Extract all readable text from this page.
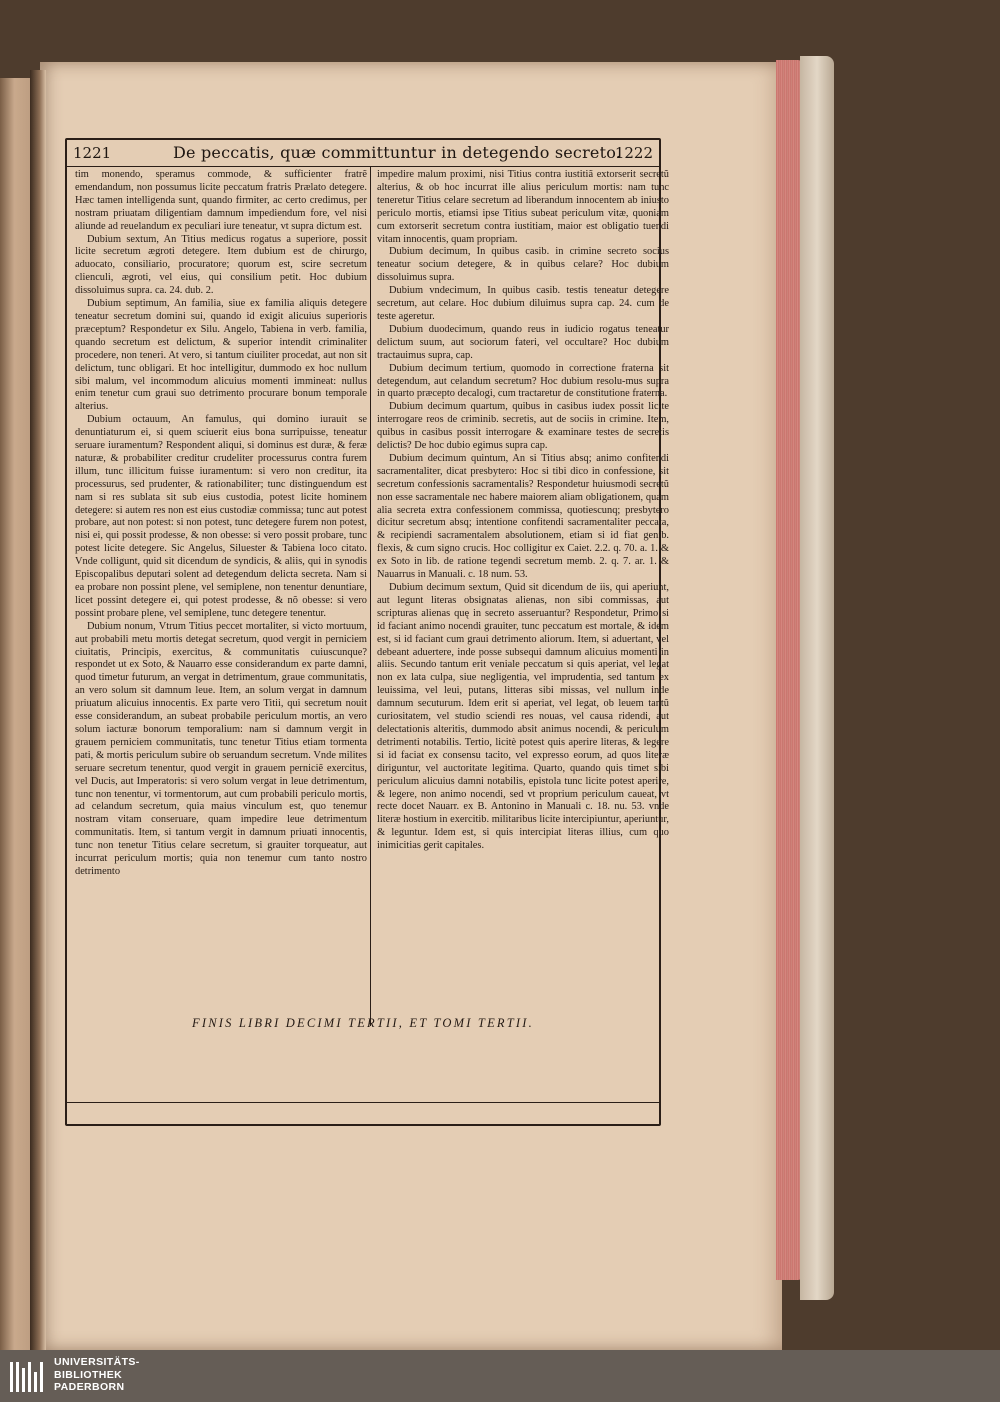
1221	De peccatis, quæ committuntur in detegendo secreto.
1222

tim monendo, speramus commode, & sufficienter fratrẽ emendandum, non possumus licite peccatum fratris Prælato detegere. Hæc tamen intelligenda sunt, quando firmiter, ac certo credimus, per nostram priuatam diligentiam damnum impediendum fore, vel nisi aliunde ad reuelandum ex peculiari iure teneatur, vt supra dictum est.

Dubium sextum, An Titius medicus rogatus a superiore, possit licite secretum ægroti detegere. Item dubium est de chirurgo, aduocato, consiliario, procuratore; quorum est, scire secretum clienculi, ægroti, vel eius, qui consilium petit. Hoc dubium dissoluimus supra. ca. 24. dub. 2.

Dubium septimum, An familia, siue ex familia aliquis detegere teneatur secretum domini sui, quando id exigit alicuius superioris præceptum? Respondetur ex Silu. Angelo, Tabiena in verb. familia, quando secretum est delictum, & superior intendit criminaliter procedere, non teneri. At vero, si tantum ciuiliter procedat, aut non sit delictum, tunc obligari. Et hoc intelligitur, dummodo ex hoc nullum sibi malum, vel incommodum alicuius momenti immineat: nullus enim tenetur cum graui suo detrimento procurare bonum temporale alterius.

Dubium octauum, An famulus, qui domino iurauit se denuntiaturum ei, si quem sciuerit eius bona surripuisse, teneatur seruare iuramentum? Respondent aliqui, si dominus est duræ, & feræ naturæ, & probabiliter creditur crudeliter processurus contra furem illum, tunc illicitum fuisse iuramentum: si vero non creditur, ita processurus, sed prudenter, & rationabiliter; tunc distinguendum est nam si res sublata sit sub eius custodia, potest licite hominem detegere: si autem res non est eius custodiæ commissa; tunc aut potest probare, aut non potest: si non potest, tunc detegere furem non potest, nisi ei, qui possit prodesse, & non obesse: si vero possit probare, tunc potest licite detegere. Sic Angelus, Siluester & Tabiena loco citato. Vnde colligunt, quid sit dicendum de syndicis, & aliis, qui in synodis Episcopalibus deputari solent ad detegendum delicta secreta. Nam si ea probare non possint plene, vel semiplene, non tenentur denuntiare, licet possint detegere ei, qui potest prodesse, & nõ obesse: si vero possint probare plene, vel semiplene, tunc detegere tenentur.

Dubium nonum, Vtrum Titius peccet mortaliter, si victo mortuum, aut probabili metu mortis detegat secretum, quod vergit in perniciem ciuitatis, Principis, exercitus, & communitatis cuiuscunque? respondet ut ex Soto, & Nauarro esse considerandum ex parte damni, quod timetur futurum, an vergat in detrimentum, graue communitatis, an vero solum sit damnum leue. Item, an solum vergat in damnum priuatum alicuius innocentis. Ex parte vero Titii, qui secretum nouit esse considerandum, an subeat probabile periculum mortis, an vero solum iacturæ bonorum temporalium: nam si damnum vergit in grauem perniciem communitatis, tunc tenetur Titius etiam tormenta pati, & mortis periculum subire ob seruandum secretum. Vnde milites seruare secretum tenentur, quod vergit in grauem perniciẽ exercitus, vel Ducis, aut Imperatoris: si vero solum vergat in leue detrimentum, tunc non tenentur, vi tormentorum, aut cum probabili periculo mortis, ad celandum secretum, quia maius vinculum est, quo tenemur nostram vitam conseruare, quam impedire leue detrimentum communitatis. Item, si tantum vergit in damnum priuati innocentis, tunc non tenetur Titius celare secretum, si grauiter torqueatur, aut incurrat periculum mortis; quia non tenemur cum tanto nostro detrimento

impedire malum proximi, nisi Titius contra iustitiã extorserit secretũ alterius, & ob hoc incurrat ille alius periculum mortis: nam tunc teneretur Titius celare secretum ad liberandum innocentem ab iniusto periculo mortis, etiamsi ipse Titius subeat periculum vitæ, quoniam cum extorserit secretum contra iustitiam, maior est obligatio tuendi vitam innocentis, quam propriam.

Dubium decimum, In quibus casib. in crimine secreto socius teneatur socium detegere, & in quibus celare? Hoc dubium dissoluimus supra.

Dubium vndecimum, In quibus casib. testis teneatur detegere secretum, aut celare. Hoc dubium diluimus supra cap. 24. cum de teste ageretur.

Dubium duodecimum, quando reus in iudicio rogatus teneatur delictum suum, aut sociorum fateri, vel occultare? Hoc dubium tractauimus supra, cap.

Dubium decimum tertium, quomodo in correctione fraterna sit detegendum, aut celandum secretum? Hoc dubium resolu-mus supra in quarto præcepto decalogi, cum tractaretur de constitutione fraterna.

Dubium decimum quartum, quibus in casibus iudex possit licite interrogare reos de criminib. secretis, aut de sociis in crimine. Item, quibus in casibus possit interrogare & examinare testes de secretis delictis? De hoc dubio egimus supra cap.

Dubium decimum quintum, An si Titius absq; animo confitendi sacramentaliter, dicat presbytero: Hoc si tibi dico in confessione, sit secretum confessionis sacramentalis? Respondetur huiusmodi secretũ non esse sacramentale nec habere maiorem aliam obligationem, quam alia secreta extra confessionem commissa, quotiescunq; presbytero dicitur secretum absq; intentione confitendi sacramentaliter peccata, & recipiendi sacramentalem absolutionem, etiam si id fiat genib. flexis, & cum signo crucis. Hoc colligitur ex Caiet. 2.2. q. 70. a. 1. & ex Soto in lib. de ratione tegendi secretum memb. 2. q. 7. ar. 1. & Nauarrus in Manuali. c. 18 num. 53.

Dubium decimum sextum, Quid sit dicendum de iis, qui aperiunt, aut legunt literas obsignatas alienas, non sibi commissas, aut scripturas alienas quę in secreto asseruantur? Respondetur, Primo si id faciant animo nocendi grauiter, tunc peccatum est mortale, & idem est, si id faciant cum graui detrimento aliorum. Item, si aduertant, vel debeant aduertere, inde posse subsequi damnum alicuius momenti in aliis. Secundo tantum erit veniale peccatum si quis aperiat, vel legat non ex lata culpa, siue negligentia, vel imprudentia, sed tantum ex leuissima, vel leui, putans, litteras sibi missas, vel nullum inde damnum secuturum. Idem erit si aperiat, vel legat, ob leuem tantũ curiositatem, vel studio sciendi res nouas, vel causa ridendi, aut delectationis alteritis, dummodo absit animus nocendi, & periculum detrimenti notabilis. Tertio, licitè potest quis aperire literas, & legere si id faciat ex consensu tacito, vel expresso eorum, ad quos literæ diriguntur, vel auctoritate legitima. Quarto, quando quis timet sibi periculum alicuius damni notabilis, epistola tunc licite potest aperire, & legere, non animo nocendi, sed vt proprium periculum caueat, vt recte docet Nauarr. ex B. Antonino in Manuali c. 18. nu. 53. vnde literæ hostium in exercitib. militaribus licite intercipiuntur, aperiuntur, & leguntur. Idem est, si quis intercipiat literas illius, cum quo inimicitias gerit capitales.

FINIS LIBRI DECIMI TERTII, ET TOMI TERTII.
UNIVERSITÄTS-
BIBLIOTHEK
PADERBORN
